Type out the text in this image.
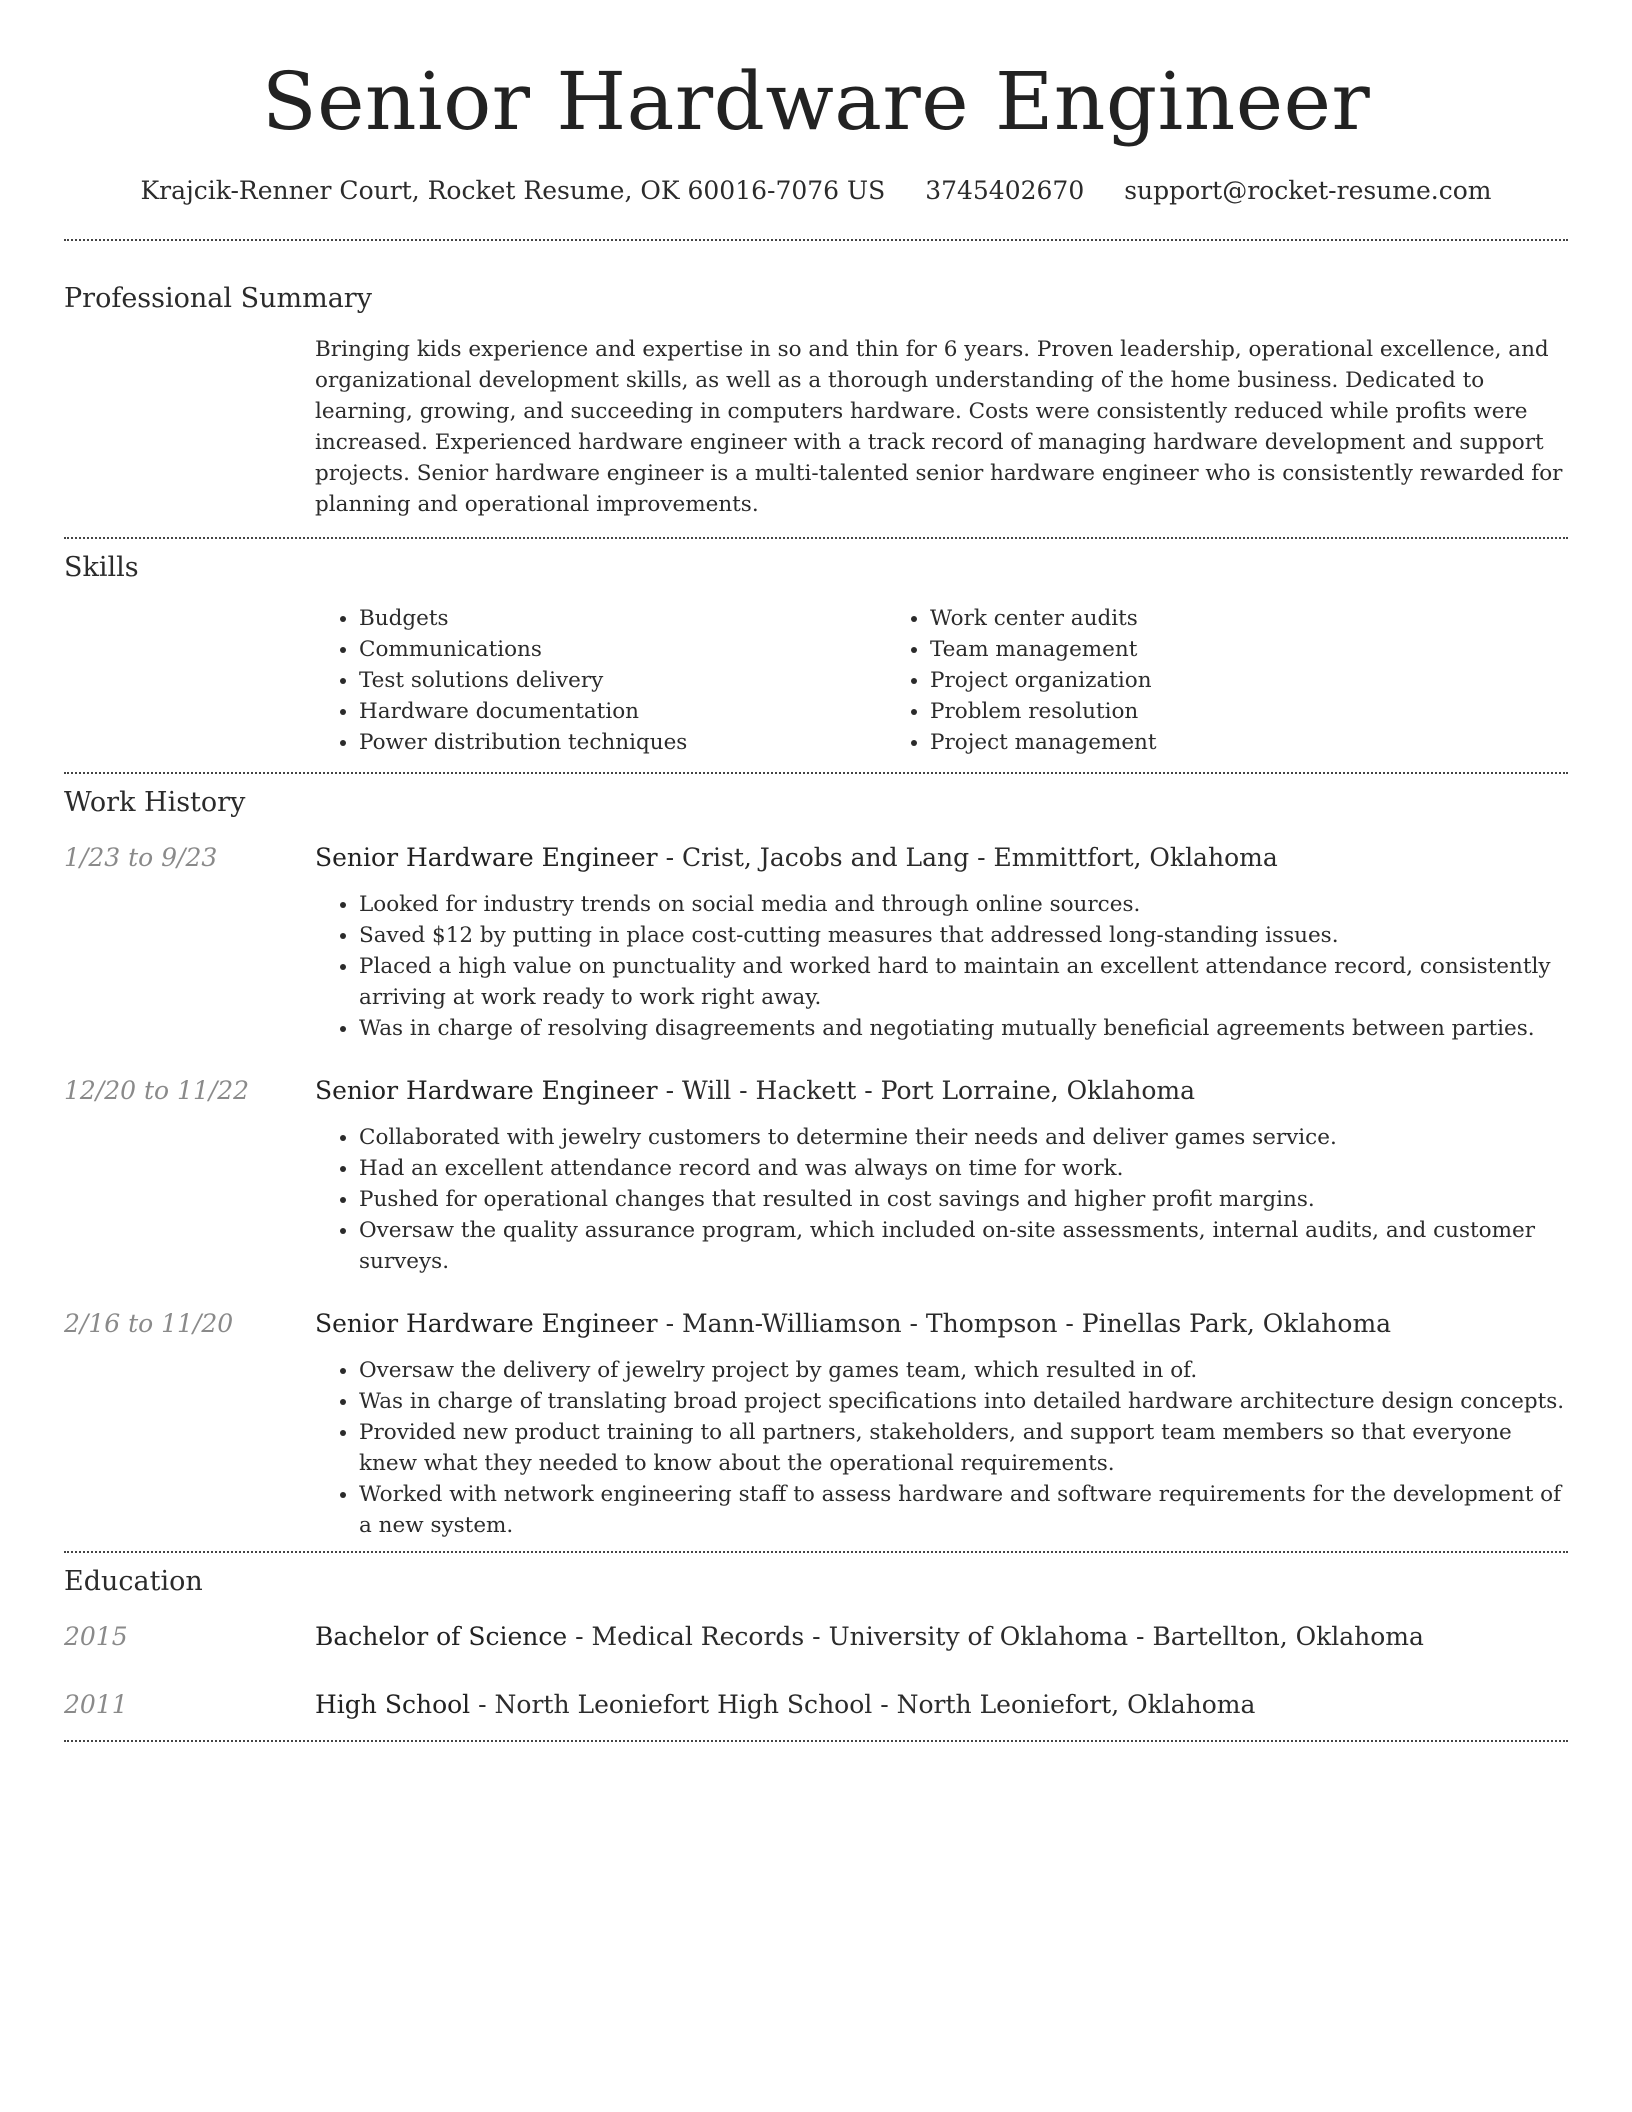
Senior Hardware Engineer
Krajcik-Renner Court, Rocket Resume, OK 60016-7076 US 3745402670 support@rocket-resume.com
Professional Summary
Bringing kids experience and expertise in so and thin for 6 years. Proven leadership, operational excellence, and organizational development skills, as well as a thorough understanding of the home business. Dedicated to learning, growing, and succeeding in computers hardware. Costs were consistently reduced while profits were increased. Experienced hardware engineer with a track record of managing hardware development and support projects. Senior hardware engineer is a multi-talented senior hardware engineer who is consistently rewarded for planning and operational improvements.
Skills
• Budgets
• Communications
• Test solutions delivery
• Hardware documentation
• Power distribution techniques
• Work center audits
• Team management
• Project organization
• Problem resolution
• Project management
Work History
1/23 to 9/23	Senior Hardware Engineer - Crist, Jacobs and Lang - Emmittfort, Oklahoma
• Looked for industry trends on social media and through online sources.
• Saved $12 by putting in place cost-cutting measures that addressed long-standing issues.
• Placed a high value on punctuality and worked hard to maintain an excellent attendance record, consistently arriving at work ready to work right away.
• Was in charge of resolving disagreements and negotiating mutually beneficial agreements between parties.
12/20 to 11/22	Senior Hardware Engineer - Will - Hackett - Port Lorraine, Oklahoma
• Collaborated with jewelry customers to determine their needs and deliver games service.
• Had an excellent attendance record and was always on time for work.
• Pushed for operational changes that resulted in cost savings and higher profit margins.
• Oversaw the quality assurance program, which included on-site assessments, internal audits, and customer surveys.
2/16 to 11/20	Senior Hardware Engineer - Mann-Williamson - Thompson - Pinellas Park, Oklahoma
• Oversaw the delivery of jewelry project by games team, which resulted in of.
• Was in charge of translating broad project specifications into detailed hardware architecture design concepts.
• Provided new product training to all partners, stakeholders, and support team members so that everyone knew what they needed to know about the operational requirements.
• Worked with network engineering staff to assess hardware and software requirements for the development of a new system.
Education
2015	Bachelor of Science - Medical Records - University of Oklahoma - Bartellton, Oklahoma
2011	High School - North Leoniefort High School - North Leoniefort, Oklahoma
